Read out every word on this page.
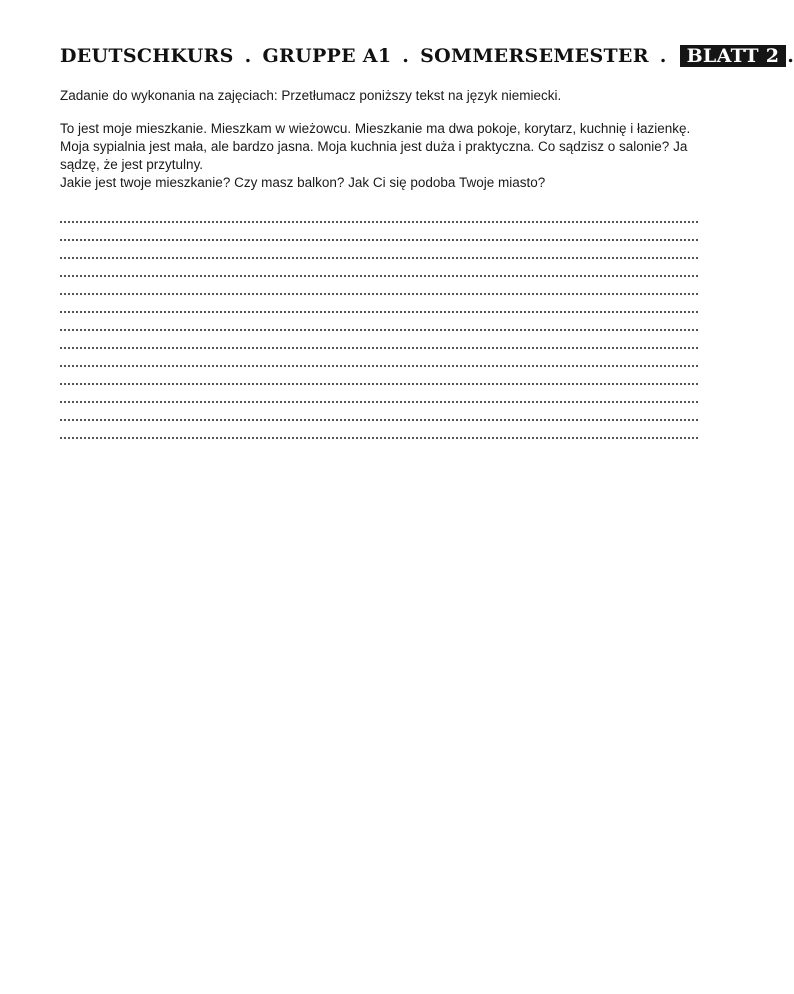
DEUTSCHKURS . GRUPPE A1 . SOMMERSEMESTER . BLATT 2 .
Zadanie do wykonania na zajęciach: Przetłumacz poniższy tekst na język niemiecki.

To jest moje mieszkanie. Mieszkam w wieżowcu. Mieszkanie ma dwa pokoje, korytarz, kuchnię i łazienkę. Moja sypialnia jest mała, ale bardzo jasna. Moja kuchnia jest duża i praktyczna. Co sądzisz o salonie? Ja sądzę, że jest przytulny.

Jakie jest twoje mieszkanie? Czy masz balkon? Jak Ci się podoba Twoje miasto?
